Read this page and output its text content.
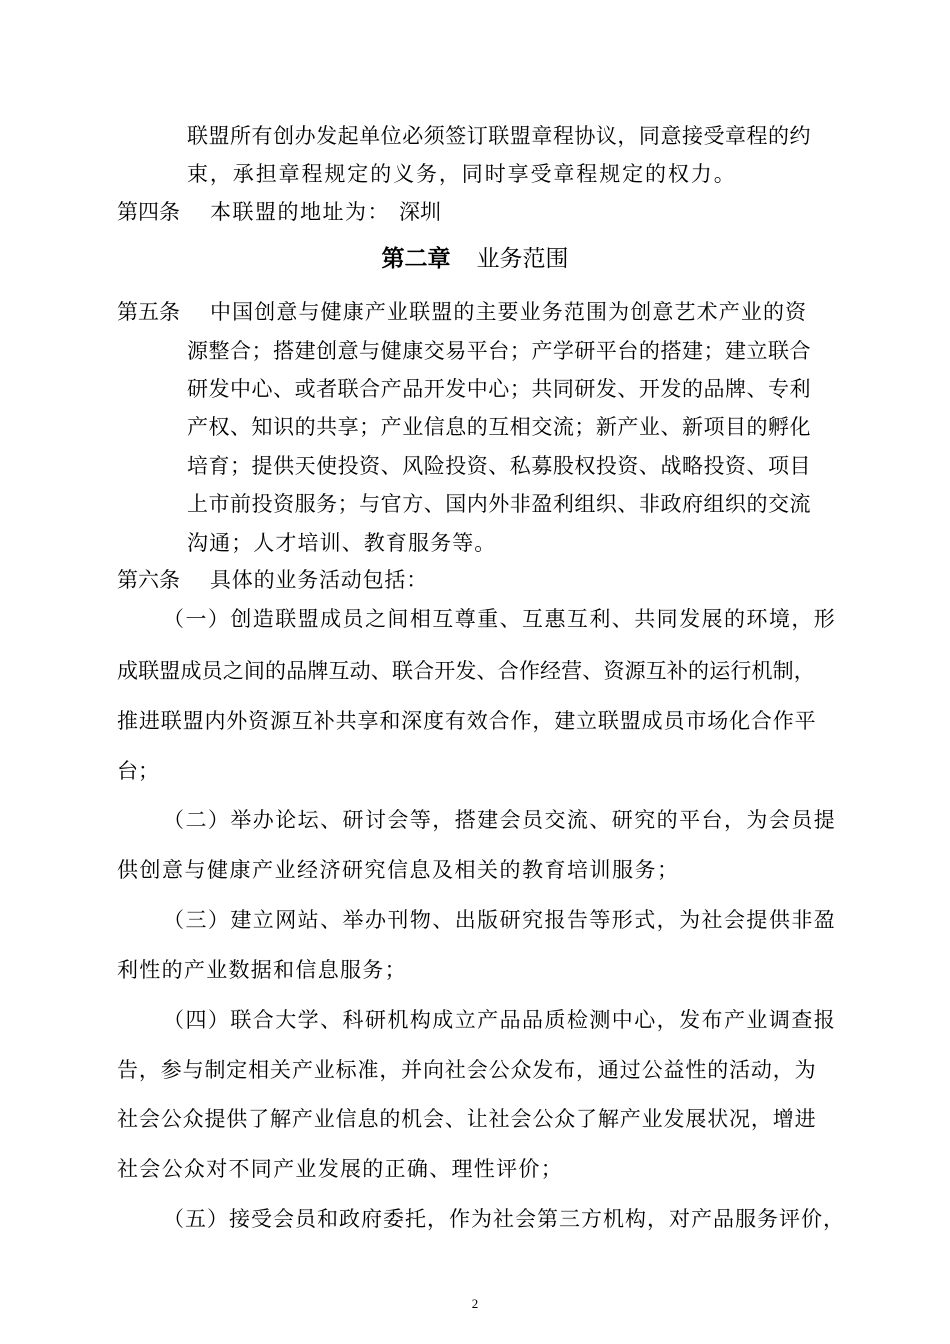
联盟所有创办发起单位必须签订联盟章程协议，同意接受章程的约
束，承担章程规定的义务，同时享受章程规定的权力。
第四条 本联盟的地址为： 深圳
第二章 业务范围
第五条 中国创意与健康产业联盟的主要业务范围为创意艺术产业的资
源整合；搭建创意与健康交易平台；产学研平台的搭建；建立联合
研发中心、或者联合产品开发中心；共同研发、开发的品牌、专利
产权、知识的共享；产业信息的互相交流；新产业、新项目的孵化
培育；提供天使投资、风险投资、私募股权投资、战略投资、项目
上市前投资服务；与官方、国内外非盈利组织、非政府组织的交流
沟通；人才培训、教育服务等。
第六条 具体的业务活动包括：
（一）创造联盟成员之间相互尊重、互惠互利、共同发展的环境，形
成联盟成员之间的品牌互动、联合开发、合作经营、资源互补的运行机制，
推进联盟内外资源互补共享和深度有效合作，建立联盟成员市场化合作平
台；
（二）举办论坛、研讨会等，搭建会员交流、研究的平台，为会员提
供创意与健康产业经济研究信息及相关的教育培训服务；
（三）建立网站、举办刊物、出版研究报告等形式，为社会提供非盈
利性的产业数据和信息服务；
（四）联合大学、科研机构成立产品品质检测中心，发布产业调查报
告，参与制定相关产业标准，并向社会公众发布，通过公益性的活动，为
社会公众提供了解产业信息的机会、让社会公众了解产业发展状况，增进
社会公众对不同产业发展的正确、理性评价；
（五）接受会员和政府委托，作为社会第三方机构，对产品服务评价，
2
